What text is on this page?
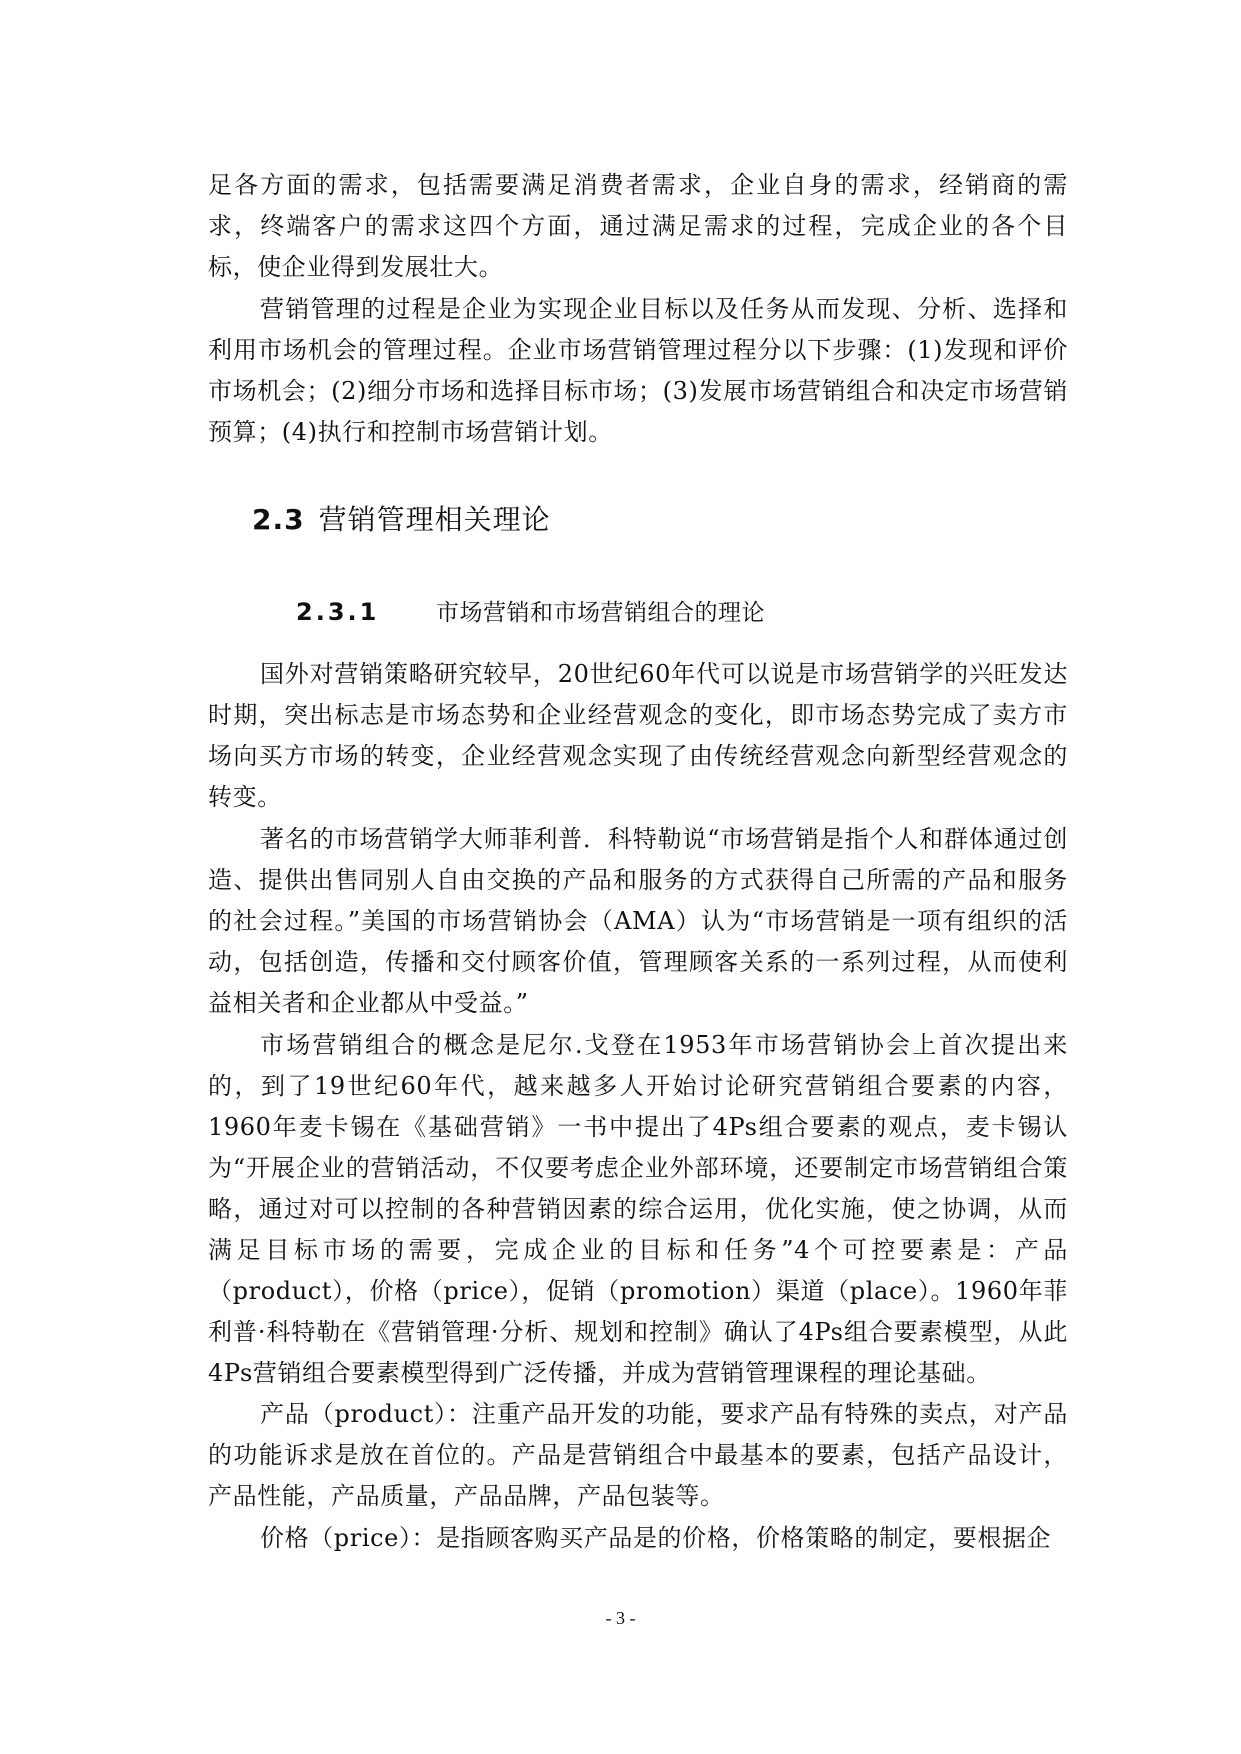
足各方面的需求，包括需要满足消费者需求，企业自身的需求，经销商的需求，终端客户的需求这四个方面，通过满足需求的过程，完成企业的各个目标，使企业得到发展壮大。

营销管理的过程是企业为实现企业目标以及任务从而发现、分析、选择和利用市场机会的管理过程。企业市场营销管理过程分以下步骤：(1)发现和评价市场机会；(2)细分市场和选择目标市场；(3)发展市场营销组合和决定市场营销预算；(4)执行和控制市场营销计划。

2.3 营销管理相关理论
2.3.1 市场营销和市场营销组合的理论

国外对营销策略研究较早，20世纪60年代可以说是市场营销学的兴旺发达时期，突出标志是市场态势和企业经营观念的变化，即市场态势完成了卖方市场向买方市场的转变，企业经营观念实现了由传统经营观念向新型经营观念的转变。

著名的市场营销学大师菲利普．科特勒说“市场营销是指个人和群体通过创造、提供出售同别人自由交换的产品和服务的方式获得自己所需的产品和服务的社会过程。”美国的市场营销协会（AMA）认为“市场营销是一项有组织的活动，包括创造，传播和交付顾客价值，管理顾客关系的一系列过程，从而使利益相关者和企业都从中受益。”

市场营销组合的概念是尼尔.戈登在1953年市场营销协会上首次提出来的，到了19世纪60年代，越来越多人开始讨论研究营销组合要素的内容，1960年麦卡锡在《基础营销》一书中提出了4Ps组合要素的观点，麦卡锡认为“开展企业的营销活动，不仅要考虑企业外部环境，还要制定市场营销组合策略，通过对可以控制的各种营销因素的综合运用，优化实施，使之协调，从而满足目标市场的需要，完成企业的目标和任务”4个可控要素是：产品（product），价格（price），促销（promotion）渠道（place）。1960年菲利普·科特勒在《营销管理·分析、规划和控制》确认了4Ps组合要素模型，从此4Ps营销组合要素模型得到广泛传播，并成为营销管理课程的理论基础。

产品（product）：注重产品开发的功能，要求产品有特殊的卖点，对产品的功能诉求是放在首位的。产品是营销组合中最基本的要素，包括产品设计，产品性能，产品质量，产品品牌，产品包装等。

价格（price）：是指顾客购买产品是的价格，价格策略的制定，要根据企

- 3 -
